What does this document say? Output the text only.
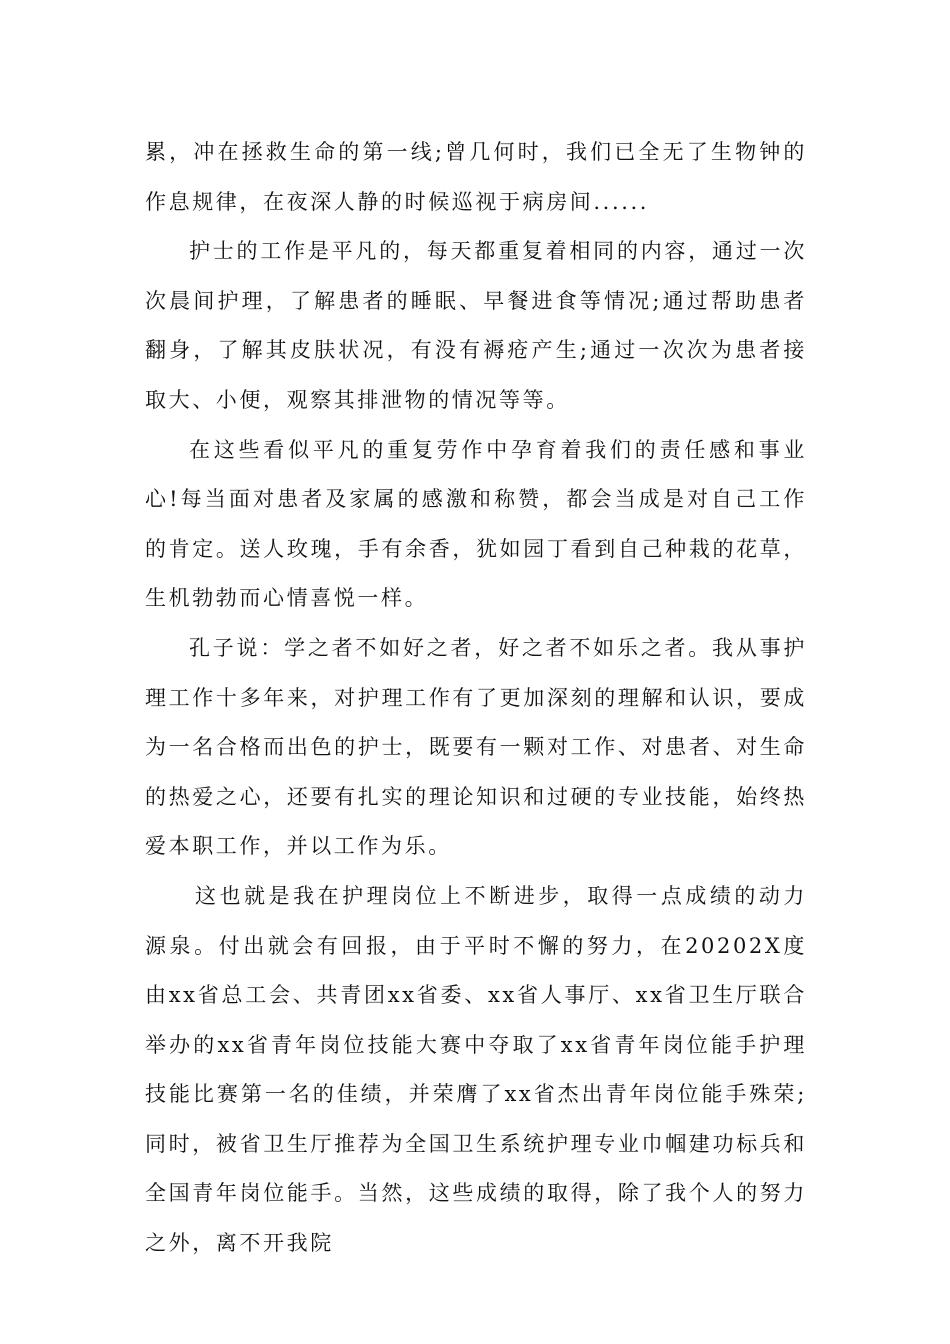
累，冲在拯救生命的第一线;曾几何时，我们已全无了生物钟的作息规律，在夜深人静的时候巡视于病房间......

护士的工作是平凡的，每天都重复着相同的内容，通过一次次晨间护理，了解患者的睡眠、早餐进食等情况;通过帮助患者翻身，了解其皮肤状况，有没有褥疮产生;通过一次次为患者接取大、小便，观察其排泄物的情况等等。

在这些看似平凡的重复劳作中孕育着我们的责任感和事业心!每当面对患者及家属的感激和称赞，都会当成是对自己工作的肯定。送人玫瑰，手有余香，犹如园丁看到自己种栽的花草，生机勃勃而心情喜悦一样。

孔子说：学之者不如好之者，好之者不如乐之者。我从事护理工作十多年来，对护理工作有了更加深刻的理解和认识，要成为一名合格而出色的护士，既要有一颗对工作、对患者、对生命的热爱之心，还要有扎实的理论知识和过硬的专业技能，始终热爱本职工作，并以工作为乐。

这也就是我在护理岗位上不断进步，取得一点成绩的动力源泉。付出就会有回报，由于平时不懈的努力，在20202X度由xx省总工会、共青团xx省委、xx省人事厅、xx省卫生厅联合举办的xx省青年岗位技能大赛中夺取了xx省青年岗位能手护理技能比赛第一名的佳绩，并荣膺了xx省杰出青年岗位能手殊荣;同时，被省卫生厅推荐为全国卫生系统护理专业巾帼建功标兵和全国青年岗位能手。当然，这些成绩的取得，除了我个人的努力之外，离不开我院
